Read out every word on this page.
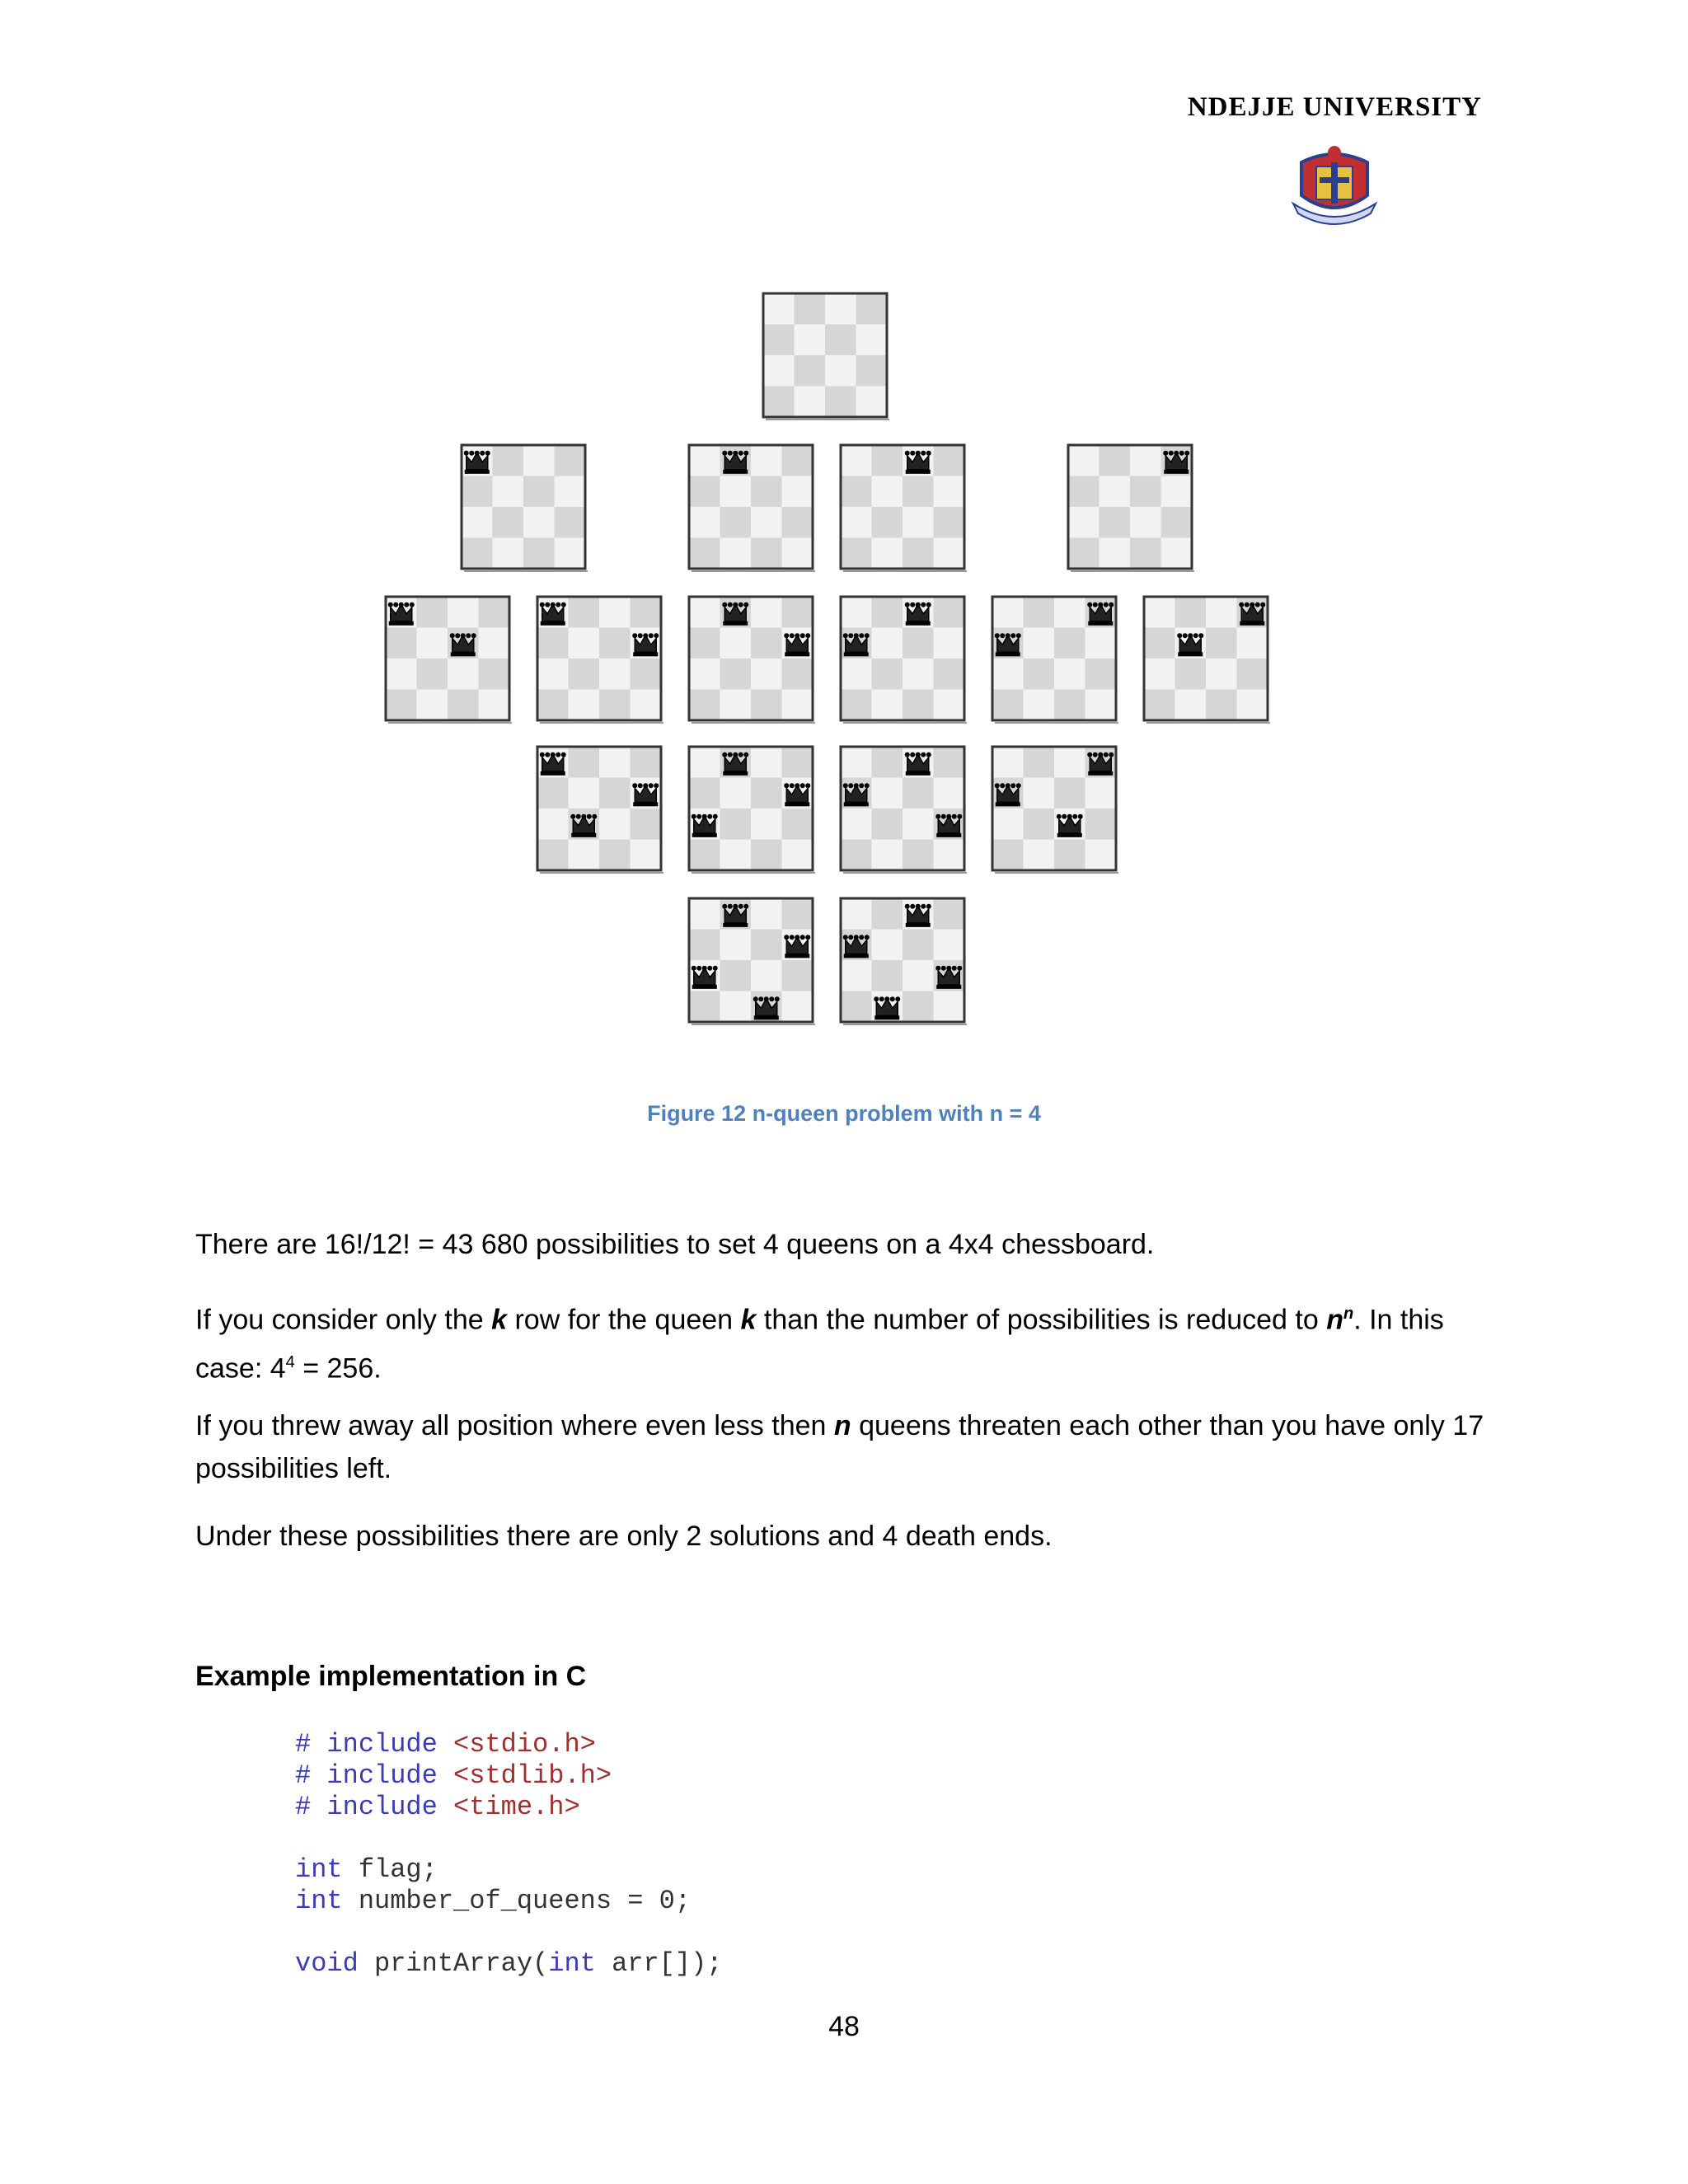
NDEJJE UNIVERSITY
Figure 12 n-queen problem with n = 4
There are 16!/12! = 43 680 possibilities to set 4 queens on a 4x4 chessboard.
If you consider only the k row for the queen k than the number of possibilities is reduced to $n^n$. In this case: $4^4 = 256$.
If you threw away all position where even less then n queens threaten each other than you have only 17 possibilities left.
Under these possibilities there are only 2 solutions and 4 death ends.
Example implementation in C
# include <stdio.h>
# include <stdlib.h>
# include <time.h>

int flag;
int number_of_queens = 0;

void printArray(int arr[]);
48
